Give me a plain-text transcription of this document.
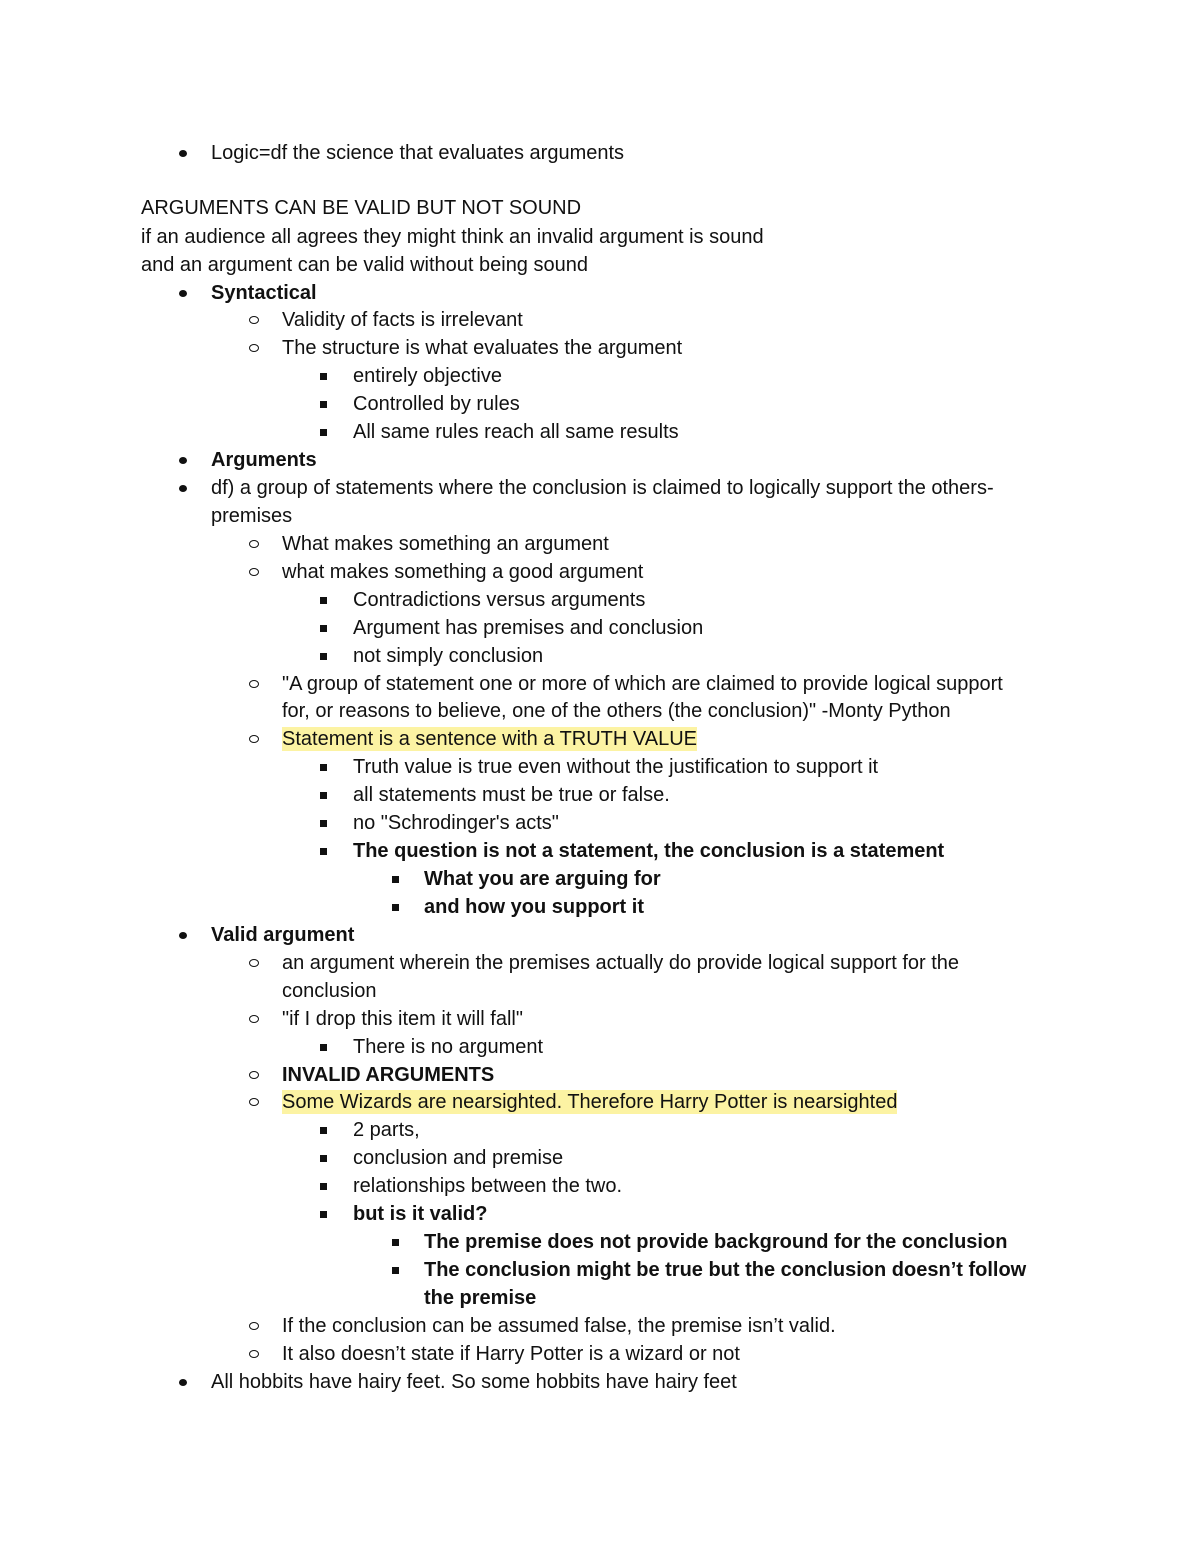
Logic=df the science that evaluates arguments
ARGUMENTS CAN BE VALID BUT NOT SOUND
if an audience all agrees they might think an invalid argument is sound
and an argument can be valid without being sound
Syntactical
Validity of facts is irrelevant
The structure is what evaluates the argument
entirely objective
Controlled by rules
All same rules reach all same results
Arguments
df) a group of statements where the conclusion is claimed to logically support the others-
premises
What makes something an argument
what makes something a good argument
Contradictions versus arguments
Argument has premises and conclusion
not simply conclusion
"A group of statement one or more of which are claimed to provide logical support
for, or reasons to believe, one of the others (the conclusion)" -Monty Python
Statement is a sentence with a TRUTH VALUE
Truth value is true even without the justification to support it
all statements must be true or false.
no "Schrodinger's acts"
The question is not a statement, the conclusion is a statement
What you are arguing for
and how you support it
Valid argument
an argument wherein the premises actually do provide logical support for the
conclusion
"if I drop this item it will fall"
There is no argument
INVALID ARGUMENTS
Some Wizards are nearsighted. Therefore Harry Potter is nearsighted
2 parts,
conclusion and premise
relationships between the two.
but is it valid?
The premise does not provide background for the conclusion
The conclusion might be true but the conclusion doesn’t follow
the premise
If the conclusion can be assumed false, the premise isn’t valid.
It also doesn’t state if Harry Potter is a wizard or not
All hobbits have hairy feet. So some hobbits have hairy feet
